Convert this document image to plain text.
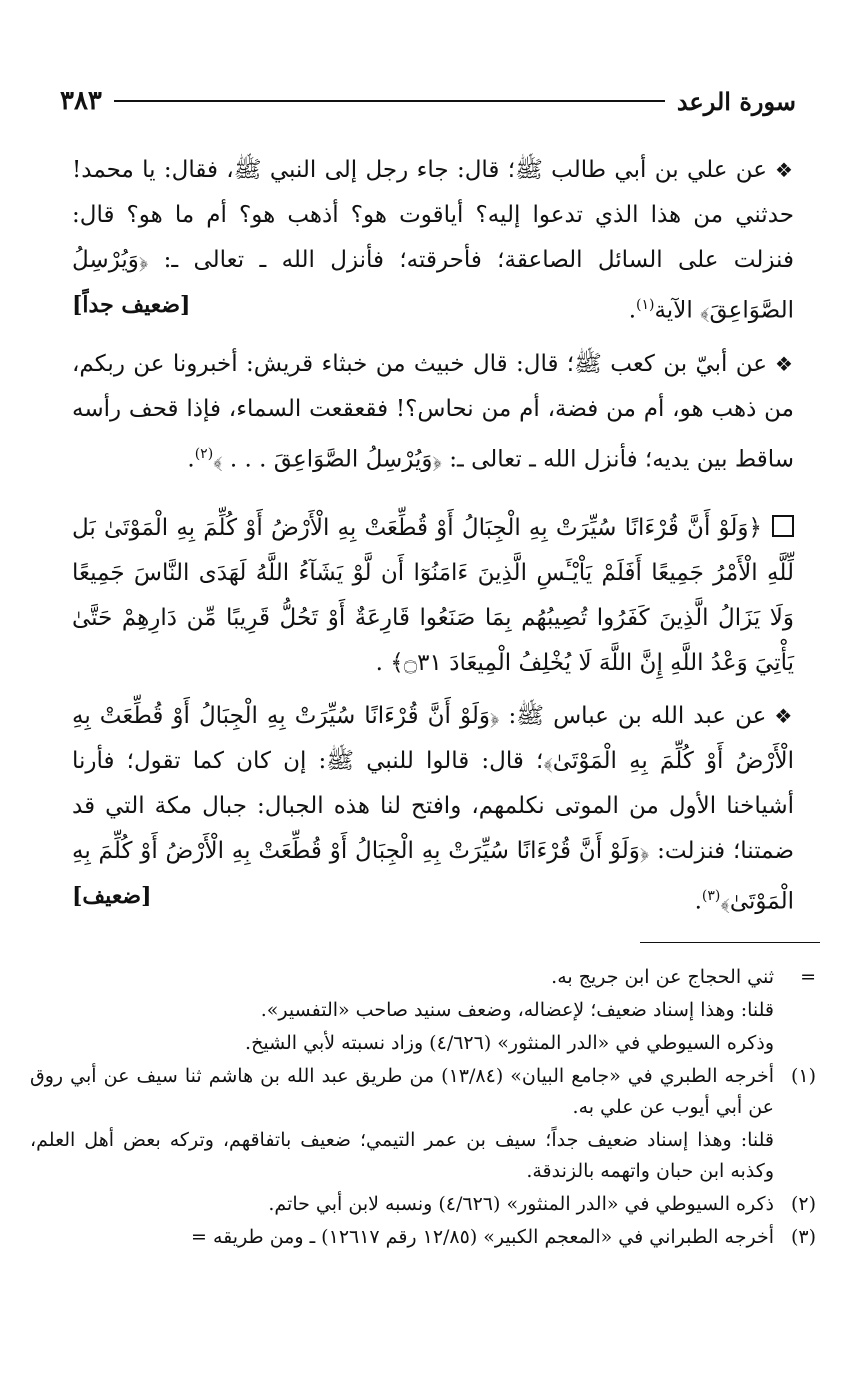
سورة الرعد
٣٨٣

❖عن علي بن أبي طالب ﷺ؛ قال: جاء رجل إلى النبي ﷺ، فقال: يا محمد! حدثني من هذا الذي تدعوا إليه؟ أياقوت هو؟ أذهب هو؟ أم ما هو؟ قال: فنزلت على السائل الصاعقة؛ فأحرقته؛ فأنزل الله ـ تعالى ـ: ﴿وَيُرْسِلُ الصَّوَاعِقَ﴾ الآية$^{(١)}$.
[ضعيف جداً]

❖عن أبيّ بن كعب ﷺ؛ قال: قال خبيث من خبثاء قريش: أخبرونا عن ربكم، من ذهب هو، أم من فضة، أم من نحاس؟! فقعقعت السماء، فإذا قحف رأسه ساقط بين يديه؛ فأنزل الله ـ تعالى ـ: ﴿وَيُرْسِلُ الصَّوَاعِقَ . . . ﴾$^{(٢)}$.

﴿وَلَوْ أَنَّ قُرْءَانًا سُيِّرَتْ بِهِ الْجِبَالُ أَوْ قُطِّعَتْ بِهِ الْأَرْضُ أَوْ كُلِّمَ بِهِ الْمَوْتَىٰ بَل لِّلَّهِ الْأَمْرُ جَمِيعًا أَفَلَمْ يَاْيْـَٔسِ الَّذِينَ ءَامَنُوٓا أَن لَّوْ يَشَآءُ اللَّهُ لَهَدَى النَّاسَ جَمِيعًا وَلَا يَزَالُ الَّذِينَ كَفَرُوا تُصِيبُهُم بِمَا صَنَعُوا قَارِعَةٌ أَوْ تَحُلُّ قَرِيبًا مِّن دَارِهِمْ حَتَّىٰ يَأْتِيَ وَعْدُ اللَّهِ إِنَّ اللَّهَ لَا يُخْلِفُ الْمِيعَادَ ۝٣١﴾ .

❖عن عبد الله بن عباس ﷺ: ﴿وَلَوْ أَنَّ قُرْءَانًا سُيِّرَتْ بِهِ الْجِبَالُ أَوْ قُطِّعَتْ بِهِ الْأَرْضُ أَوْ كُلِّمَ بِهِ الْمَوْتَىٰ﴾؛ قال: قالوا للنبي ﷺ: إن كان كما تقول؛ فأرنا أشياخنا الأول من الموتى نكلمهم، وافتح لنا هذه الجبال: جبال مكة التي قد ضمتنا؛ فنزلت: ﴿وَلَوْ أَنَّ قُرْءَانًا سُيِّرَتْ بِهِ الْجِبَالُ أَوْ قُطِّعَتْ بِهِ الْأَرْضُ أَوْ كُلِّمَ بِهِ الْمَوْتَىٰ﴾$^{(٣)}$.
[ضعيف]

=
ثني الحجاج عن ابن جريج به.
قلنا: وهذا إسناد ضعيف؛ لإعضاله، وضعف سنيد صاحب «التفسير».
وذكره السيوطي في «الدر المنثور» (٤/٦٢٦) وزاد نسبته لأبي الشيخ.
(١)
أخرجه الطبري في «جامع البيان» (١٣/٨٤) من طريق عبد الله بن هاشم ثنا سيف عن أبي روق عن أبي أيوب عن علي به.
قلنا: وهذا إسناد ضعيف جداً؛ سيف بن عمر التيمي؛ ضعيف باتفاقهم، وتركه بعض أهل العلم، وكذبه ابن حبان واتهمه بالزندقة.
(٢)
ذكره السيوطي في «الدر المنثور» (٤/٦٢٦) ونسبه لابن أبي حاتم.
(٣)
أخرجه الطبراني في «المعجم الكبير» (١٢/٨٥ رقم ١٢٦١٧) ـ ومن طريقه =
